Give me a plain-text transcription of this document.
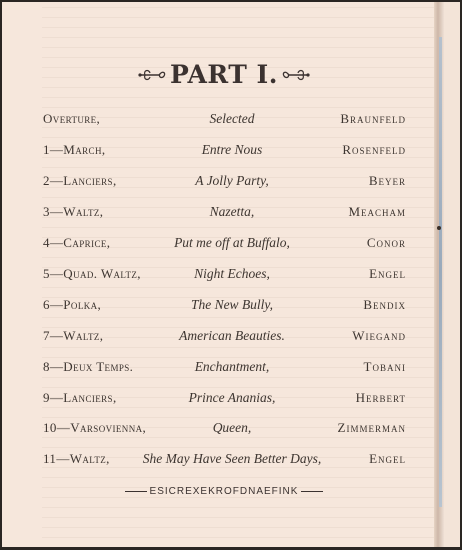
PART I.
Overture,	Selected	Braunfeld
1—March,	Entre Nous	Rosenfeld
2—Lanciers,	A Jolly Party,	Beyer
3—Waltz,	Nazetta,	Meacham
4—Caprice,	Put me off at Buffalo,	Conor
5—Quad. Waltz,	Night Echoes,	Engel
6—Polka,	The New Bully,	Bendix
7—Waltz,	American Beauties.	Wiegand
8—Deux Temps.	Enchantment,	Tobani
9—Lanciers,	Prince Ananias,	Herbert
10—Varsovienna,	Queen,	Zimmerman
11—Waltz,	She May Have Seen Better Days,	Engel
ESICREXEKROFDNAEFINK
